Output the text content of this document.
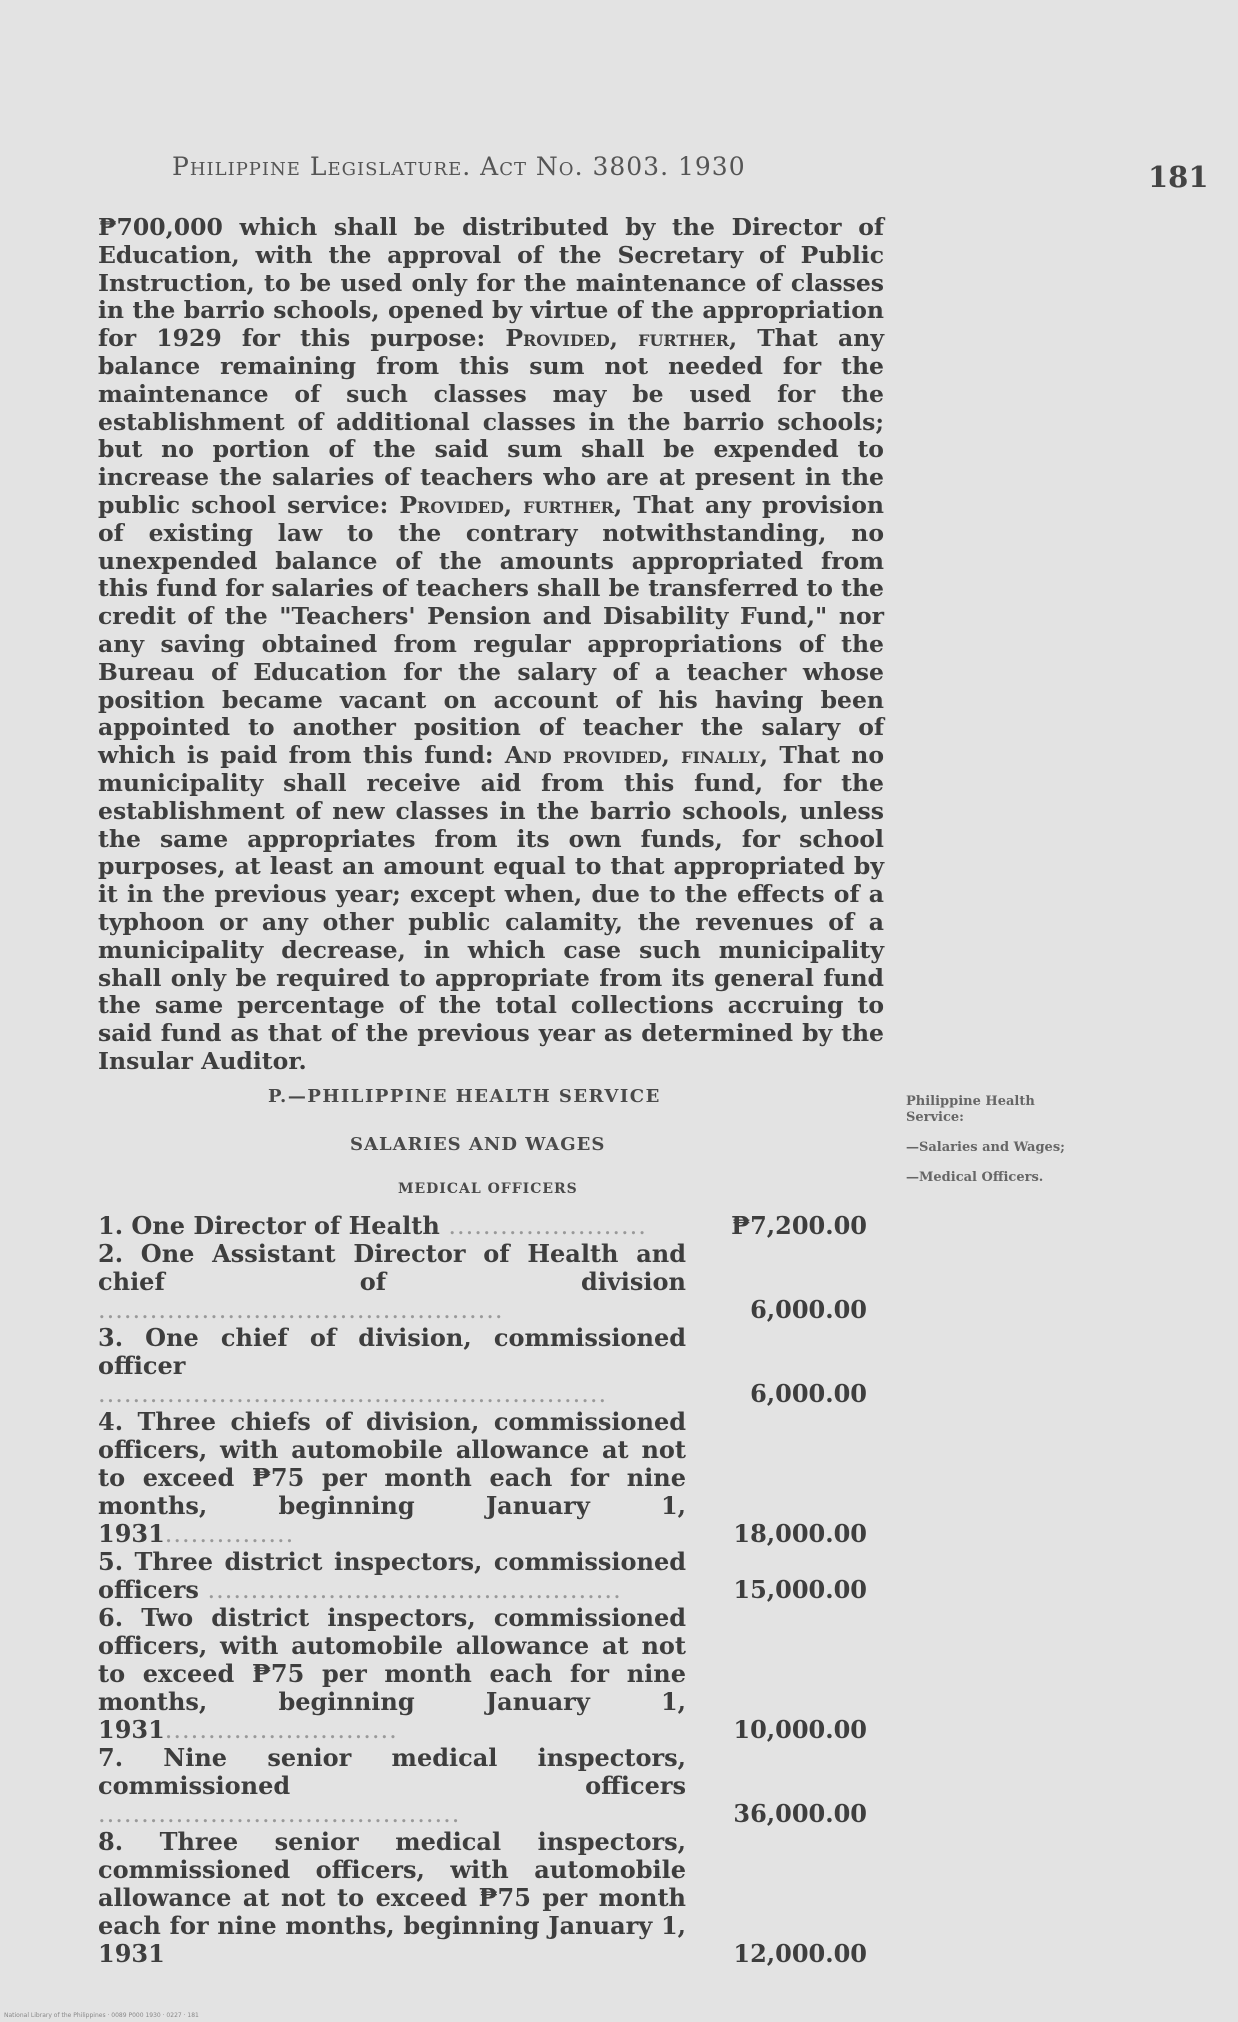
Philippine Legislature. Act No. 3803. 1930	181
₱700,000 which shall be distributed by the Director of Education, with the approval of the Secretary of Public Instruction, to be used only for the maintenance of classes in the barrio schools, opened by virtue of the appropriation for 1929 for this purpose: Provided, further, That any balance remaining from this sum not needed for the maintenance of such classes may be used for the establishment of additional classes in the barrio schools; but no portion of the said sum shall be expended to increase the salaries of teachers who are at present in the public school service: Provided, further, That any provision of existing law to the contrary notwithstanding, no unexpended balance of the amounts appropriated from this fund for salaries of teachers shall be transferred to the credit of the "Teachers' Pension and Disability Fund," nor any saving obtained from regular appropriations of the Bureau of Education for the salary of a teacher whose position became vacant on account of his having been appointed to another position of teacher the salary of which is paid from this fund: And provided, finally, That no municipality shall receive aid from this fund, for the establishment of new classes in the barrio schools, unless the same appropriates from its own funds, for school purposes, at least an amount equal to that appropriated by it in the previous year; except when, due to the effects of a typhoon or any other public calamity, the revenues of a municipality decrease, in which case such municipality shall only be required to appropriate from its general fund the same percentage of the total collections accruing to said fund as that of the previous year as determined by the Insular Auditor.
P.—PHILIPPINE HEALTH SERVICE
SALARIES AND WAGES
MEDICAL OFFICERS
Philippine Health Service:
—Salaries and Wages;
—Medical Officers.
1. One Director of Health .......................	₱7,200.00
2. One Assistant Director of Health and chief of division ...............................................	6,000.00
3. One chief of division, commissioned officer ...........................................................	6,000.00
4. Three chiefs of division, commissioned officers, with automobile allowance at not to exceed ₱75 per month each for nine months, beginning January 1, 1931...............	18,000.00
5. Three district inspectors, commissioned officers ................................................	15,000.00
6. Two district inspectors, commissioned officers, with automobile allowance at not to exceed ₱75 per month each for nine months, beginning January 1, 1931...........................	10,000.00
7. Nine senior medical inspectors, commissioned officers ..........................................	36,000.00
8. Three senior medical inspectors, commissioned officers, with automobile allowance at not to exceed ₱75 per month each for nine months, beginning January 1, 1931	12,000.00
National Library of the Philippines · 0089 P000 1930 · 0227 · 181
